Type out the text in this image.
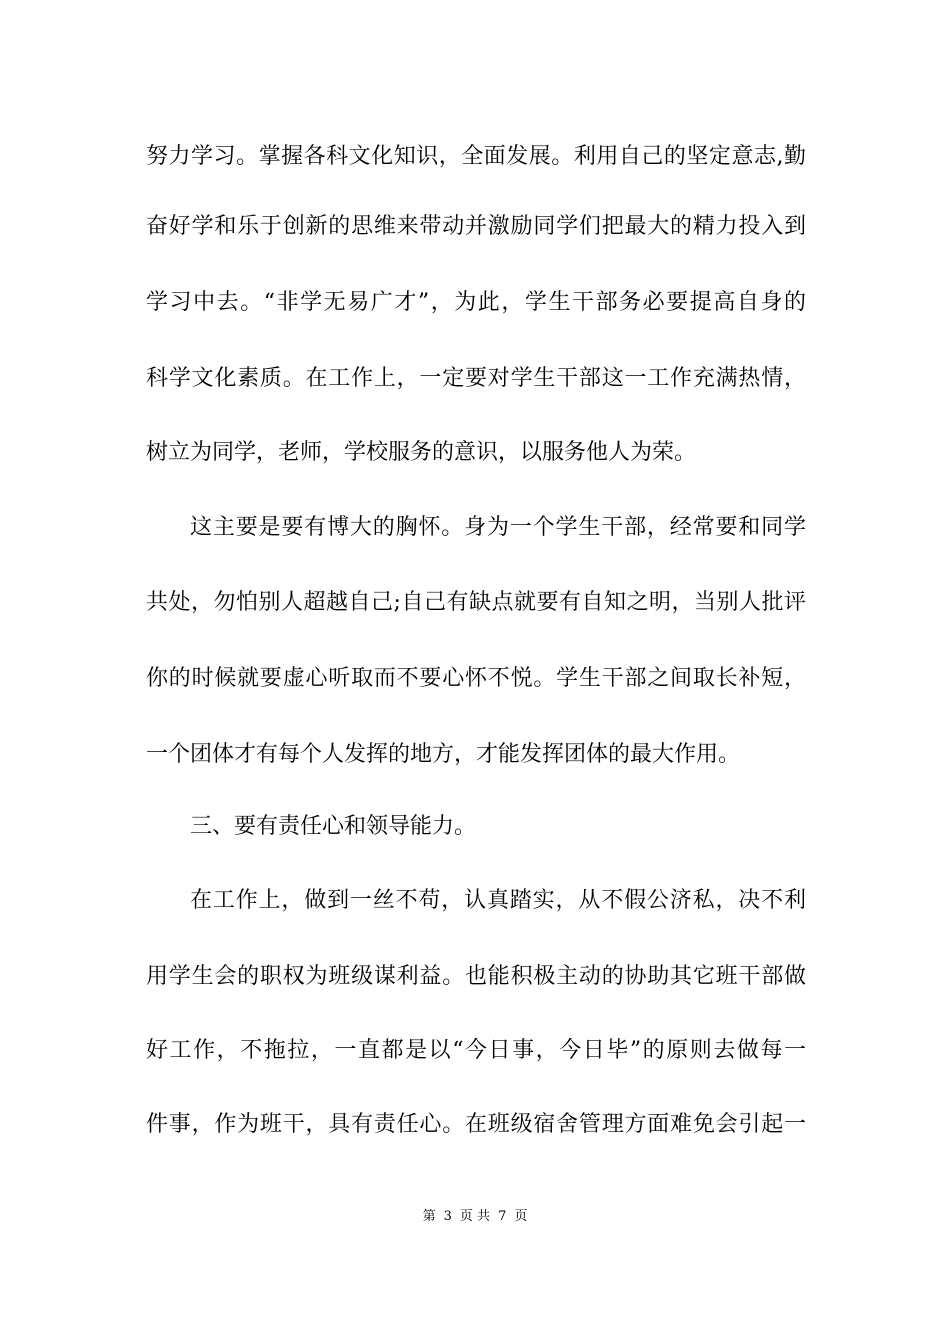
努力学习。掌握各科文化知识，全面发展。利用自己的坚定意志,勤
奋好学和乐于创新的思维来带动并激励同学们把最大的精力投入到
学习中去。“非学无易广才”，为此，学生干部务必要提高自身的
科学文化素质。在工作上，一定要对学生干部这一工作充满热情，
树立为同学，老师，学校服务的意识，以服务他人为荣。
这主要是要有博大的胸怀。身为一个学生干部，经常要和同学
共处，勿怕别人超越自己;自己有缺点就要有自知之明，当别人批评
你的时候就要虚心听取而不要心怀不悦。学生干部之间取长补短，
一个团体才有每个人发挥的地方，才能发挥团体的最大作用。
三、要有责任心和领导能力。
在工作上，做到一丝不苟，认真踏实，从不假公济私，决不利
用学生会的职权为班级谋利益。也能积极主动的协助其它班干部做
好工作，不拖拉，一直都是以“今日事，今日毕”的原则去做每一
件事，作为班干，具有责任心。在班级宿舍管理方面难免会引起一
第 3 页 共 7 页
